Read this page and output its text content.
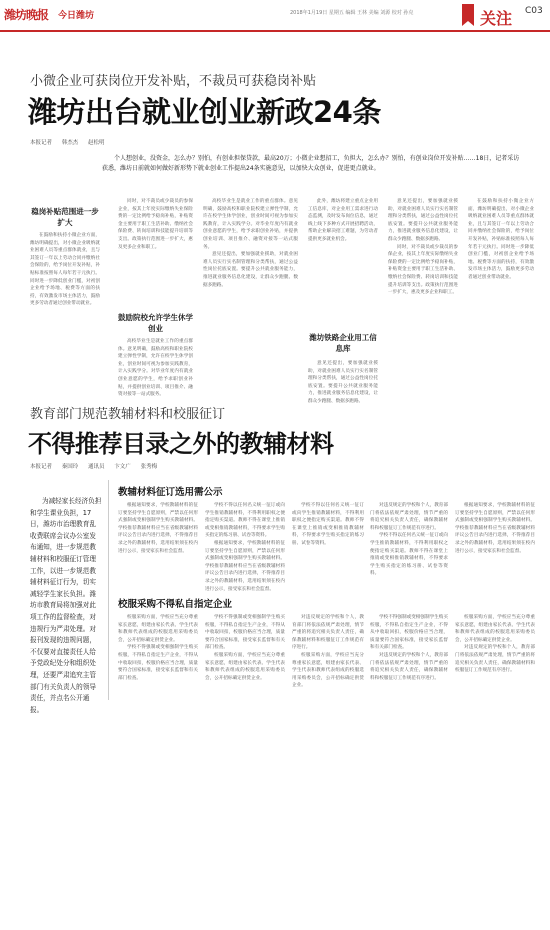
潍坊晚报 今日潍坊	2018年1月19日 星期五 编辑 王林 美编 刘源 校对 孙克	关注 C03
小微企业可获岗位开发补贴，不裁员可获稳岗补贴
潍坊出台就业创业新政24条
本报记者 韩杰杰 赵松明
个人想创业，没资金，怎么办？别怕，有创业担保贷款，最高20万；小微企业想招工，负担大，怎么办？别怕，有创业岗位开发补贴……18日，记者采访获悉，潍坊日前就如何做好新形势下就业创业工作提出24条实施意见，以加快大众创业，促进更点就业。
稳岗补贴范围进一步扩大

在鼓励和扶持小微企业方面，潍坊明确提出，对小微企业吸纳就业困难人员等重点群体就业，且与其签订一年以上劳动合同并缴纳社会保险的，给予岗位开发补贴，补贴标准按照每人每年若干元执行。同时进一步降低创业门槛，对初创企业给予场地、税费等方面的扶持，有效激发市场主体活力，鼓励更多劳动者通过创业带动就业。

同时，对不裁员或少裁员的参保企业，按其上年度实际缴纳失业保险费的一定比例给予稳岗补贴，补贴资金主要用于职工生活补助、缴纳社会保险费、转岗培训和技能提升培训等支出。政策执行范围进一步扩大，惠及更多企业和职工。

鼓励院校允许学生休学创业

高校毕业生是就业工作的重点群体。意见明确，鼓励高校和职业院校建立弹性学制，允许在校学生休学创业，创业时间可视为参加实践教育，计入实践学分。对毕业年度内有就业创业意愿的学生，给予求职创业补贴，并提供创业培训、项目推介、融资对接等一站式服务。

高校毕业生是就业工作的重点群体。意见明确，鼓励高校和职业院校建立弹性学制，允许在校学生休学创业，创业时间可视为参加实践教育，计入实践学分。对毕业年度内有就业创业意愿的学生，给予求职创业补贴，并提供创业培训、项目推介、融资对接等一站式服务。

意见还提出，要加强就业援助，对就业困难人员实行实名制管理和分类帮扶，通过公益性岗位托底安置。要提升公共就业服务能力，推进就业服务信息化建设，让群众少跑腿、数据多跑路。

此外，潍坊将建立重点企业用工信息库，对企业用工需求进行动态监测，及时发布岗位信息，通过线上线下多种方式开展招聘活动，帮助企业解决招工难题，为劳动者提供更多就业机会。

潍坊铁路企业用工信息库

意见还提出，要加强就业援助，对就业困难人员实行实名制管理和分类帮扶，通过公益性岗位托底安置。要提升公共就业服务能力，推进就业服务信息化建设，让群众少跑腿、数据多跑路。

意见还提出，要加强就业援助，对就业困难人员实行实名制管理和分类帮扶，通过公益性岗位托底安置。要提升公共就业服务能力，推进就业服务信息化建设，让群众少跑腿、数据多跑路。

同时，对不裁员或少裁员的参保企业，按其上年度实际缴纳失业保险费的一定比例给予稳岗补贴，补贴资金主要用于职工生活补助、缴纳社会保险费、转岗培训和技能提升培训等支出。政策执行范围进一步扩大，惠及更多企业和职工。

在鼓励和扶持小微企业方面，潍坊明确提出，对小微企业吸纳就业困难人员等重点群体就业，且与其签订一年以上劳动合同并缴纳社会保险的，给予岗位开发补贴，补贴标准按照每人每年若干元执行。同时进一步降低创业门槛，对初创企业给予场地、税费等方面的扶持，有效激发市场主体活力，鼓励更多劳动者通过创业带动就业。

教育部门规范教辅材料和校服征订
不得推荐目录之外的教辅材料
本报记者 秦国玲 通讯员 卞文广 张秀梅
为减轻家长经济负担和学生课业负担，17日，潍坊市治理教育乱收费联席会议办公室发布通知，进一步规范教辅材料和校服征订管理工作，以进一步规范教辅材料征订行为，切实减轻学生家长负担。潍坊市教育局将加强对此项工作的监督检查，对违规行为严肃处理。对报刊发现的违规问题，不仅要对直接责任人给予党政纪处分和组织处理，还要严肃追究主管部门有关负责人的领导责任，并点名公开通报。
教辅材料征订选用需公示

根据通知要求，学校教辅材料的征订要坚持学生自愿原则，严禁以任何形式强制或变相强制学生购买教辅材料。学校推荐教辅材料应当在省级教辅材料评议公告目录内进行选择，不得推荐目录之外的教辅材料，选用结果须在校内进行公示，接受家长和社会监督。

学校不得以任何名义统一征订或向学生推销教辅材料，不得利用职权之便指定购买渠道。教师不得在课堂上推销或变相推销教辅材料，不得要求学生购买指定的练习册、试卷等资料。

根据通知要求，学校教辅材料的征订要坚持学生自愿原则，严禁以任何形式强制或变相强制学生购买教辅材料。学校推荐教辅材料应当在省级教辅材料评议公告目录内进行选择，不得推荐目录之外的教辅材料，选用结果须在校内进行公示，接受家长和社会监督。

学校不得以任何名义统一征订或向学生推销教辅材料，不得利用职权之便指定购买渠道。教师不得在课堂上推销或变相推销教辅材料，不得要求学生购买指定的练习册、试卷等资料。

对违反规定的学校和个人，教育部门将依法依规严肃处理，情节严重的将追究相关负责人责任，确保教辅材料和校服征订工作规范有序进行。

学校不得以任何名义统一征订或向学生推销教辅材料，不得利用职权之便指定购买渠道。教师不得在课堂上推销或变相推销教辅材料，不得要求学生购买指定的练习册、试卷等资料。

根据通知要求，学校教辅材料的征订要坚持学生自愿原则，严禁以任何形式强制或变相强制学生购买教辅材料。学校推荐教辅材料应当在省级教辅材料评议公告目录内进行选择，不得推荐目录之外的教辅材料，选用结果须在校内进行公示，接受家长和社会监督。

校服采购不得私自指定企业

校服采购方面，学校应当充分尊重家长意愿，组建由家长代表、学生代表和教师代表组成的校服选用采购委员会，公开招标确定供货企业。

学校不得强制或变相强制学生购买校服，不得私自指定生产企业，不得从中收取回扣，校服价格应当合理，质量要符合国家标准，接受家长监督和有关部门检查。

学校不得强制或变相强制学生购买校服，不得私自指定生产企业，不得从中收取回扣，校服价格应当合理，质量要符合国家标准，接受家长监督和有关部门检查。

校服采购方面，学校应当充分尊重家长意愿，组建由家长代表、学生代表和教师代表组成的校服选用采购委员会，公开招标确定供货企业。

对违反规定的学校和个人，教育部门将依法依规严肃处理，情节严重的将追究相关负责人责任，确保教辅材料和校服征订工作规范有序进行。

校服采购方面，学校应当充分尊重家长意愿，组建由家长代表、学生代表和教师代表组成的校服选用采购委员会，公开招标确定供货企业。

学校不得强制或变相强制学生购买校服，不得私自指定生产企业，不得从中收取回扣，校服价格应当合理，质量要符合国家标准，接受家长监督和有关部门检查。

对违反规定的学校和个人，教育部门将依法依规严肃处理，情节严重的将追究相关负责人责任，确保教辅材料和校服征订工作规范有序进行。

校服采购方面，学校应当充分尊重家长意愿，组建由家长代表、学生代表和教师代表组成的校服选用采购委员会，公开招标确定供货企业。

对违反规定的学校和个人，教育部门将依法依规严肃处理，情节严重的将追究相关负责人责任，确保教辅材料和校服征订工作规范有序进行。
